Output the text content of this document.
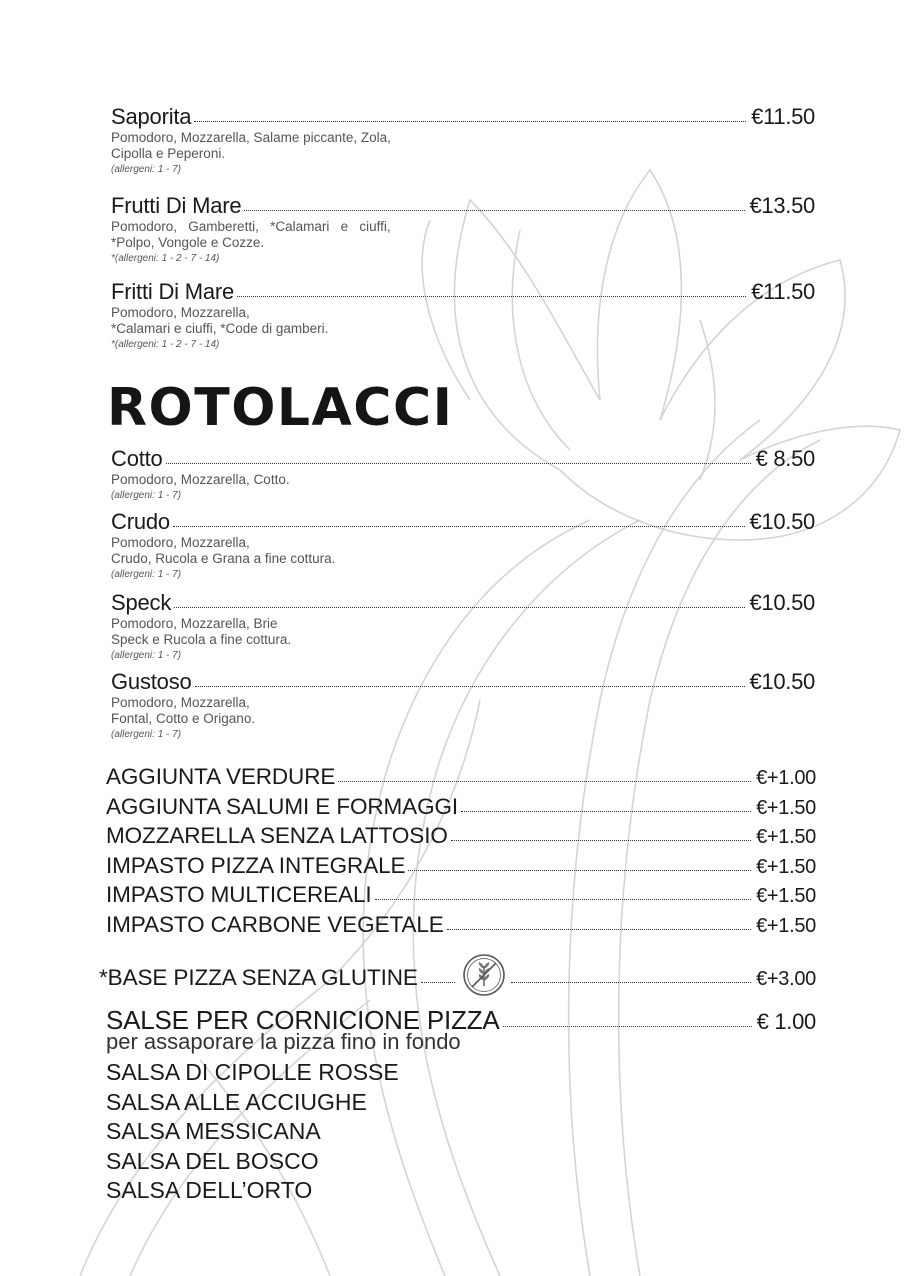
Saporita	€11.50

Pomodoro, Mozzarella, Salame piccante, Zola,
Cipolla e Peperoni.

(allergeni: 1 - 7)
Frutti Di Mare	€13.50

Pomodoro,   Gamberetti,   *Calamari   e   ciuffi,
*Polpo, Vongole e Cozze.

*(allergeni: 1 - 2 - 7 - 14)
Fritti Di Mare	€11.50

Pomodoro, Mozzarella,
*Calamari e ciuffi, *Code di gamberi.

*(allergeni: 1 - 2 - 7 - 14)
ROTOLACCI
Cotto	€ 8.50

Pomodoro, Mozzarella, Cotto.

(allergeni: 1 - 7)
Crudo	€10.50

Pomodoro, Mozzarella,
Crudo, Rucola e Grana a fine cottura.

(allergeni: 1 - 7)
Speck	€10.50

Pomodoro, Mozzarella, Brie
Speck e Rucola a fine cottura.

(allergeni: 1 - 7)
Gustoso	€10.50

Pomodoro, Mozzarella,
Fontal, Cotto e Origano.

(allergeni: 1 - 7)
AGGIUNTA VERDURE	€+1.00
AGGIUNTA SALUMI E FORMAGGI	€+1.50
MOZZARELLA SENZA LATTOSIO	€+1.50
IMPASTO PIZZA INTEGRALE	€+1.50
IMPASTO MULTICEREALI	€+1.50
IMPASTO CARBONE VEGETALE	€+1.50
*BASE PIZZA SENZA GLUTINE	€+3.00
SALSE PER CORNICIONE PIZZA	€ 1.00
per assaporare la pizza fino in fondo
SALSA DI CIPOLLE ROSSE
SALSA ALLE ACCIUGHE
SALSA MESSICANA
SALSA DEL BOSCO
SALSA DELL’ORTO
